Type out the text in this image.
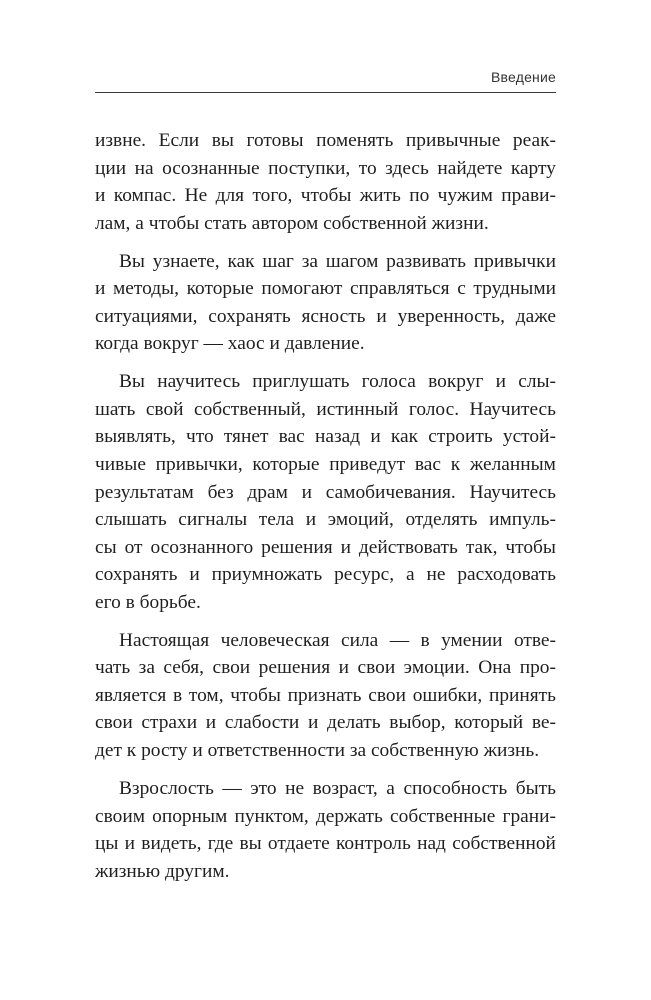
Введение
извне. Если вы готовы поменять привычные реак-
ции на осознанные поступки, то здесь найдете карту
и компас. Не для того, чтобы жить по чужим прави-
лам, а чтобы стать автором собственной жизни.
Вы узнаете, как шаг за шагом развивать привычки
и методы, которые помогают справляться с трудными
ситуациями, сохранять ясность и уверенность, даже
когда вокруг — хаос и давление.
Вы научитесь приглушать голоса вокруг и слы-
шать свой собственный, истинный голос. Научитесь
выявлять, что тянет вас назад и как строить устой-
чивые привычки, которые приведут вас к желанным
результатам без драм и самобичевания. Научитесь
слышать сигналы тела и эмоций, отделять импуль-
сы от осознанного решения и действовать так, чтобы
сохранять и приумножать ресурс, а не расходовать
его в борьбе.
Настоящая человеческая сила — в умении отве-
чать за себя, свои решения и свои эмоции. Она про-
является в том, чтобы признать свои ошибки, принять
свои страхи и слабости и делать выбор, который ве-
дет к росту и ответственности за собственную жизнь.
Взрослость — это не возраст, а способность быть
своим опорным пунктом, держать собственные грани-
цы и видеть, где вы отдаете контроль над собственной
жизнью другим.
